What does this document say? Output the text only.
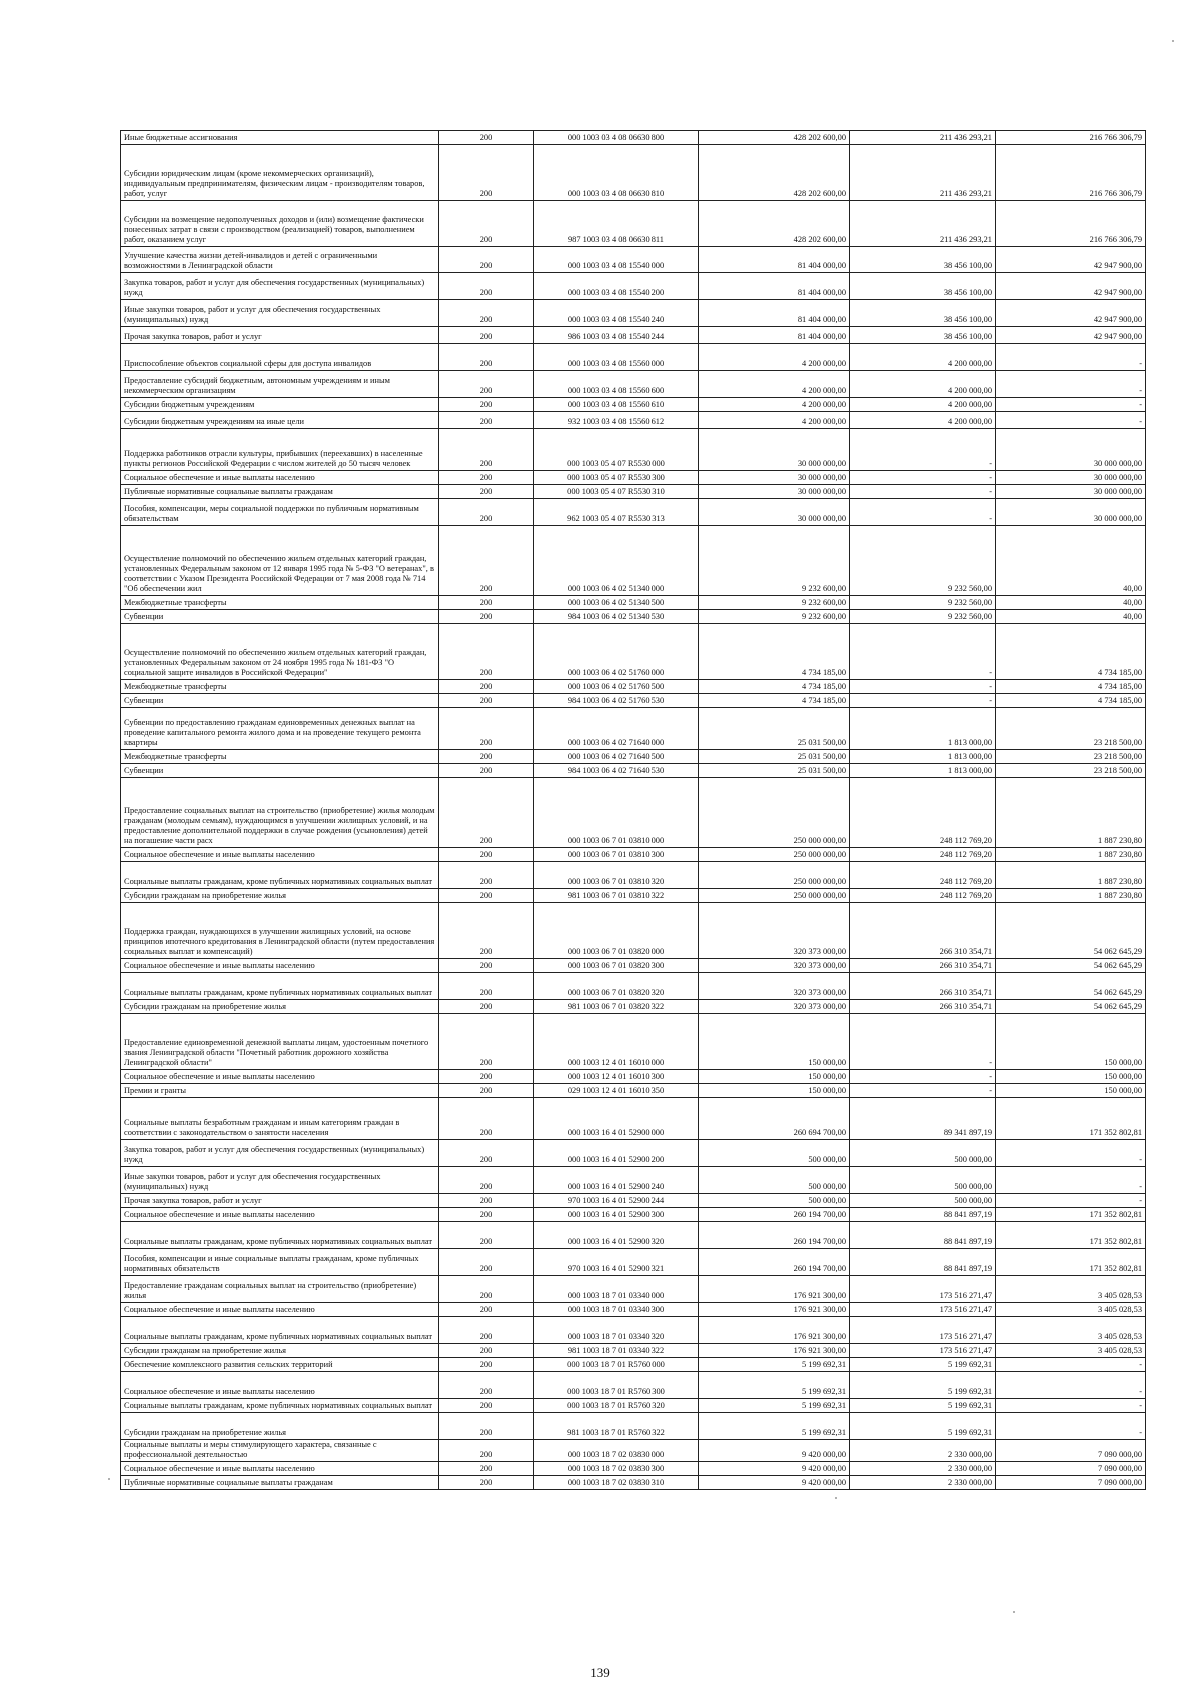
Иные бюджетные ассигнования	200	000 1003 03 4 08 06630 800	428 202 600,00	211 436 293,21	216 766 306,79
Субсидии юридическим лицам (кроме некоммерческих организаций), индивидуальным предпринимателям, физическим лицам - производителям товаров, работ, услуг	200	000 1003 03 4 08 06630 810	428 202 600,00	211 436 293,21	216 766 306,79
Субсидии на возмещение недополученных доходов и (или) возмещение фактически понесенных затрат в связи с производством (реализацией) товаров, выполнением работ, оказанием услуг	200	987 1003 03 4 08 06630 811	428 202 600,00	211 436 293,21	216 766 306,79
Улучшение качества жизни детей-инвалидов и детей с ограниченными возможностями в Ленинградской области	200	000 1003 03 4 08 15540 000	81 404 000,00	38 456 100,00	42 947 900,00
Закупка товаров, работ и услуг для обеспечения государственных (муниципальных) нужд	200	000 1003 03 4 08 15540 200	81 404 000,00	38 456 100,00	42 947 900,00
Иные закупки товаров, работ и услуг для обеспечения государственных (муниципальных) нужд	200	000 1003 03 4 08 15540 240	81 404 000,00	38 456 100,00	42 947 900,00
Прочая закупка товаров, работ и услуг	200	986 1003 03 4 08 15540 244	81 404 000,00	38 456 100,00	42 947 900,00
Приспособление объектов социальной сферы для доступа инвалидов	200	000 1003 03 4 08 15560 000	4 200 000,00	4 200 000,00	-
Предоставление субсидий бюджетным, автономным учреждениям и иным некоммерческим организациям	200	000 1003 03 4 08 15560 600	4 200 000,00	4 200 000,00	-
Субсидии бюджетным учреждениям	200	000 1003 03 4 08 15560 610	4 200 000,00	4 200 000,00	-
Субсидии бюджетным учреждениям на иные цели	200	932 1003 03 4 08 15560 612	4 200 000,00	4 200 000,00	-
Поддержка работников отрасли культуры, прибывших (переехавших) в населенные пункты регионов Российской Федерации с числом жителей до 50 тысяч человек	200	000 1003 05 4 07 R5530 000	30 000 000,00	-	30 000 000,00
Социальное обеспечение и иные выплаты населению	200	000 1003 05 4 07 R5530 300	30 000 000,00	-	30 000 000,00
Публичные нормативные социальные выплаты гражданам	200	000 1003 05 4 07 R5530 310	30 000 000,00	-	30 000 000,00
Пособия, компенсации, меры социальной поддержки по публичным нормативным обязательствам	200	962 1003 05 4 07 R5530 313	30 000 000,00	-	30 000 000,00
Осуществление полномочий по обеспечению жильем отдельных категорий граждан, установленных Федеральным законом от 12 января 1995 года № 5-ФЗ "О ветеранах", в соответствии с Указом Президента Российской Федерации от 7 мая 2008 года № 714 "Об обеспечении жил	200	000 1003 06 4 02 51340 000	9 232 600,00	9 232 560,00	40,00
Межбюджетные трансферты	200	000 1003 06 4 02 51340 500	9 232 600,00	9 232 560,00	40,00
Субвенции	200	984 1003 06 4 02 51340 530	9 232 600,00	9 232 560,00	40,00
Осуществление полномочий по обеспечению жильем отдельных категорий граждан, установленных Федеральным законом от 24 ноября 1995 года № 181-ФЗ "О социальной защите инвалидов в Российской Федерации"	200	000 1003 06 4 02 51760 000	4 734 185,00	-	4 734 185,00
Межбюджетные трансферты	200	000 1003 06 4 02 51760 500	4 734 185,00	-	4 734 185,00
Субвенции	200	984 1003 06 4 02 51760 530	4 734 185,00	-	4 734 185,00
Субвенции по предоставлению гражданам единовременных денежных выплат на проведение капитального ремонта жилого дома и на проведение текущего ремонта квартиры	200	000 1003 06 4 02 71640 000	25 031 500,00	1 813 000,00	23 218 500,00
Межбюджетные трансферты	200	000 1003 06 4 02 71640 500	25 031 500,00	1 813 000,00	23 218 500,00
Субвенции	200	984 1003 06 4 02 71640 530	25 031 500,00	1 813 000,00	23 218 500,00
Предоставление социальных выплат на строительство (приобретение) жилья молодым гражданам (молодым семьям), нуждающимся в улучшении жилищных условий, и на предоставление дополнительной поддержки в случае рождения (усыновления) детей на погашение части расх	200	000 1003 06 7 01 03810 000	250 000 000,00	248 112 769,20	1 887 230,80
Социальное обеспечение и иные выплаты населению	200	000 1003 06 7 01 03810 300	250 000 000,00	248 112 769,20	1 887 230,80
Социальные выплаты гражданам, кроме публичных нормативных социальных выплат	200	000 1003 06 7 01 03810 320	250 000 000,00	248 112 769,20	1 887 230,80
Субсидии гражданам на приобретение жилья	200	981 1003 06 7 01 03810 322	250 000 000,00	248 112 769,20	1 887 230,80
Поддержка граждан, нуждающихся в улучшении жилищных условий, на основе принципов ипотечного кредитования в Ленинградской области (путем предоставления социальных выплат и компенсаций)	200	000 1003 06 7 01 03820 000	320 373 000,00	266 310 354,71	54 062 645,29
Социальное обеспечение и иные выплаты населению	200	000 1003 06 7 01 03820 300	320 373 000,00	266 310 354,71	54 062 645,29
Социальные выплаты гражданам, кроме публичных нормативных социальных выплат	200	000 1003 06 7 01 03820 320	320 373 000,00	266 310 354,71	54 062 645,29
Субсидии гражданам на приобретение жилья	200	981 1003 06 7 01 03820 322	320 373 000,00	266 310 354,71	54 062 645,29
Предоставление единовременной денежной выплаты лицам, удостоенным почетного звания Ленинградской области "Почетный работник дорожного хозяйства Ленинградской области"	200	000 1003 12 4 01 16010 000	150 000,00	-	150 000,00
Социальное обеспечение и иные выплаты населению	200	000 1003 12 4 01 16010 300	150 000,00	-	150 000,00
Премии и гранты	200	029 1003 12 4 01 16010 350	150 000,00	-	150 000,00
Социальные выплаты безработным гражданам и иным категориям граждан в соответствии с законодательством о занятости населения	200	000 1003 16 4 01 52900 000	260 694 700,00	89 341 897,19	171 352 802,81
Закупка товаров, работ и услуг для обеспечения государственных (муниципальных) нужд	200	000 1003 16 4 01 52900 200	500 000,00	500 000,00	-
Иные закупки товаров, работ и услуг для обеспечения государственных (муниципальных) нужд	200	000 1003 16 4 01 52900 240	500 000,00	500 000,00	-
Прочая закупка товаров, работ и услуг	200	970 1003 16 4 01 52900 244	500 000,00	500 000,00	-
Социальное обеспечение и иные выплаты населению	200	000 1003 16 4 01 52900 300	260 194 700,00	88 841 897,19	171 352 802,81
Социальные выплаты гражданам, кроме публичных нормативных социальных выплат	200	000 1003 16 4 01 52900 320	260 194 700,00	88 841 897,19	171 352 802,81
Пособия, компенсации и иные социальные выплаты гражданам, кроме публичных нормативных обязательств	200	970 1003 16 4 01 52900 321	260 194 700,00	88 841 897,19	171 352 802,81
Предоставление гражданам социальных выплат на строительство (приобретение) жилья	200	000 1003 18 7 01 03340 000	176 921 300,00	173 516 271,47	3 405 028,53
Социальное обеспечение и иные выплаты населению	200	000 1003 18 7 01 03340 300	176 921 300,00	173 516 271,47	3 405 028,53
Социальные выплаты гражданам, кроме публичных нормативных социальных выплат	200	000 1003 18 7 01 03340 320	176 921 300,00	173 516 271,47	3 405 028,53
Субсидии гражданам на приобретение жилья	200	981 1003 18 7 01 03340 322	176 921 300,00	173 516 271,47	3 405 028,53
Обеспечение комплексного развития сельских территорий	200	000 1003 18 7 01 R5760 000	5 199 692,31	5 199 692,31	-
Социальное обеспечение и иные выплаты населению	200	000 1003 18 7 01 R5760 300	5 199 692,31	5 199 692,31	-
Социальные выплаты гражданам, кроме публичных нормативных социальных выплат	200	000 1003 18 7 01 R5760 320	5 199 692,31	5 199 692,31	-
Субсидии гражданам на приобретение жилья	200	981 1003 18 7 01 R5760 322	5 199 692,31	5 199 692,31	-
Социальные выплаты и меры стимулирующего характера, связанные с профессиональной деятельностью	200	000 1003 18 7 02 03830 000	9 420 000,00	2 330 000,00	7 090 000,00
Социальное обеспечение и иные выплаты населению	200	000 1003 18 7 02 03830 300	9 420 000,00	2 330 000,00	7 090 000,00
Публичные нормативные социальные выплаты гражданам	200	000 1003 18 7 02 03830 310	9 420 000,00	2 330 000,00	7 090 000,00
139
